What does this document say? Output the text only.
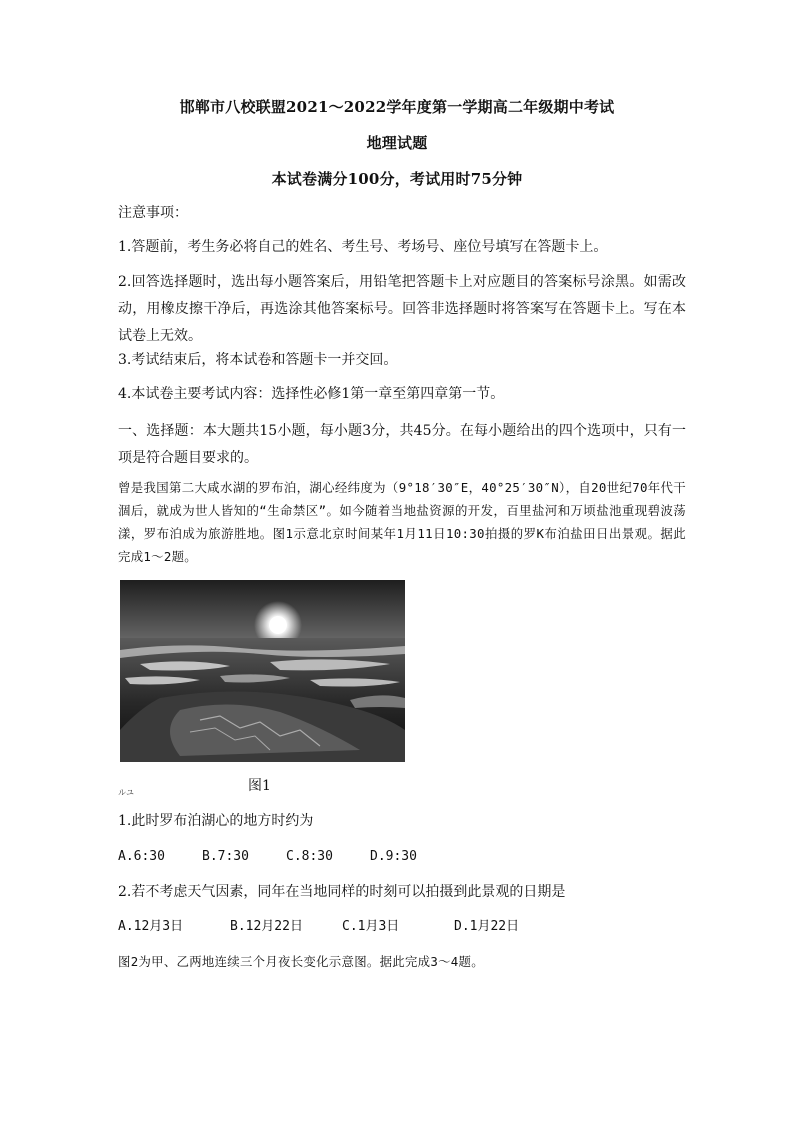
邯郸市八校联盟2021～2022学年度第一学期高二年级期中考试
地理试题
本试卷满分100分，考试用时75分钟
注意事项：
1.答题前，考生务必将自己的姓名、考生号、考场号、座位号填写在答题卡上。
2.回答选择题时，选出每小题答案后，用铅笔把答题卡上对应题目的答案标号涂黑。如需改动，用橡皮擦干净后，再选涂其他答案标号。回答非选择题时将答案写在答题卡上。写在本试卷上无效。
3.考试结束后，将本试卷和答题卡一并交回。
4.本试卷主要考试内容：选择性必修1第一章至第四章第一节。
一、选择题：本大题共15小题，每小题3分，共45分。在每小题给出的四个选项中，只有一项是符合题目要求的。
曾是我国第二大咸水湖的罗布泊，湖心经纬度为（9°18′30″E，40°25′30″N），自20世纪70年代干涸后，就成为世人皆知的“生命禁区”。如今随着当地盐资源的开发，百里盐河和万顷盐池重现碧波荡漾，罗布泊成为旅游胜地。图1示意北京时间某年1月11日10:30拍摄的罗K布泊盐田日出景观。据此完成1～2题。
ルユ	图1
1.此时罗布泊湖心的地方时约为
A.6:30	B.7:30	C.8:30	D.9:30
2.若不考虑天气因素，同年在当地同样的时刻可以拍摄到此景观的日期是
A.12月3日	B.12月22日	C.1月3日	D.1月22日
图2为甲、乙两地连续三个月夜长变化示意图。据此完成3～4题。
